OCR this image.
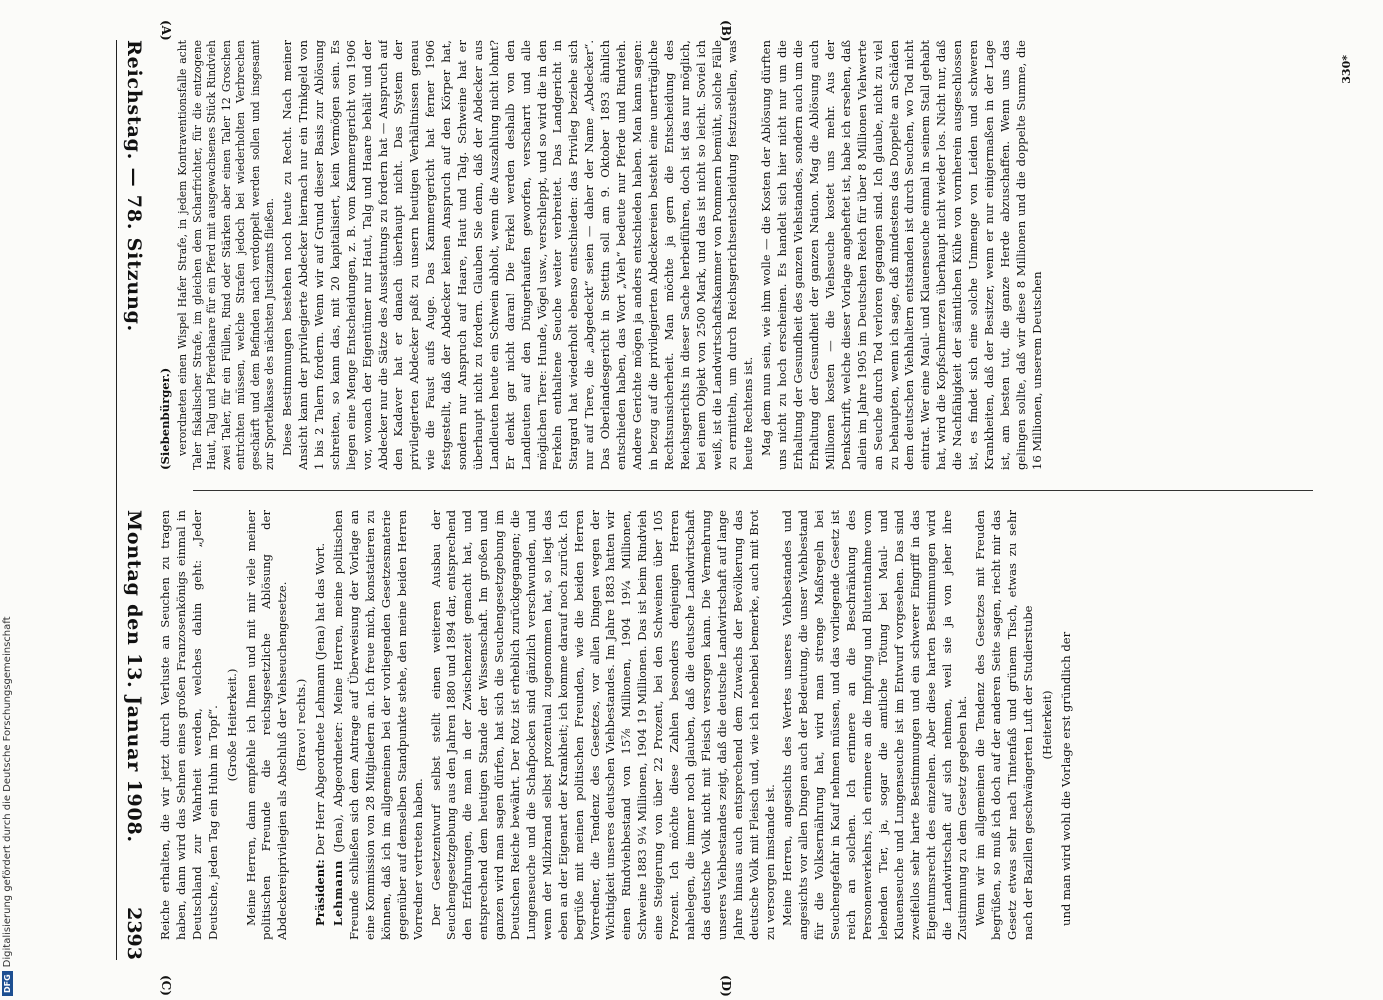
Reichstag. — 78. Sitzung.
Montag den 13. Januar 1908.
2393
(A)	(B)
(C)	(D)

(Siebenbürger.) verordneten einen Wispel Hafer Strafe, in jedem Kontraventionsfalle acht Taler fiskalischer Strafe, im gleichen dem Scharfrichter, für die entzogene Haut, Talg und Pferdehaare für ein Pferd mit ausgewachsenes Stück Rindvieh zwei Taler, für ein Füllen, Rind oder Stärken aber einen Taler 12 Groschen entrichten müssen, welche Strafen jedoch bei wiederholten Verbrechen geschärft und dem Befinden nach verdoppelt werden sollen und insgesamt zur Sportelkasse des nächsten Justizamts fließen. Diese Bestimmungen bestehen noch heute zu Recht. Nach meiner Ansicht kann der privilegierte Abdecker hiernach nur ein Trinkgeld von 1 bis 2 Talern fordern. Wenn wir auf Grund dieser Basis zur Ablösung schreiten, so kann das, mit 20 kapitalisiert, kein Vermögen sein. Es liegen eine Menge Entscheidungen, z. B. vom Kammergericht von 1906 vor, wonach der Eigentümer nur Haut, Talg und Haare behält und der Abdecker nur die Sätze des Ausstattungs zu fordern hat — Anspruch auf den Kadaver hat er danach überhaupt nicht. Das System der privilegierten Abdecker paßt zu unsern heutigen Verhältnissen genau wie die Faust aufs Auge. Das Kammergericht hat ferner 1906 festgestellt, daß der Abdecker keinen Anspruch auf den Körper hat, sondern nur Anspruch auf Haare, Haut und Talg. Schweine hat er überhaupt nicht zu fordern. Glauben Sie denn, daß der Abdecker aus Landleuten heute ein Schwein abholt, wenn die Auszahlung nicht lohnt? Er denkt gar nicht daran! Die Ferkel werden deshalb von den Landleuten auf den Düngerhaufen geworfen, verscharrt und alle möglichen Tiere: Hunde, Vögel usw., verschleppt, und so wird die in den Ferkeln enthaltene Seuche weiter verbreitet. Das Landgericht in Stargard hat wiederholt ebenso entschieden: das Privileg beziehe sich nur auf Tiere, die „abgedeckt“ seien — daher der Name „Abdecker“. Das Oberlandesgericht in Stettin soll am 9. Oktober 1893 ähnlich entschieden haben, das Wort „Vieh“ bedeute nur Pferde und Rindvieh. Andere Gerichte mögen ja anders entschieden haben. Man kann sagen: in bezug auf die privilegierten Abdeckereien besteht eine unerträgliche Rechtsunsicherheit. Man möchte ja gern die Entscheidung des Reichsgerichts in dieser Sache herbeiführen, doch ist das nur möglich, bei einem Objekt von 2500 Mark, und das ist nicht so leicht. Soviel ich weiß, ist die Landwirtschaftskammer von Pommern bemüht, solche Fälle zu ermitteln, um durch Reichsgerichtsentscheidung festzustellen, was heute Rechtens ist. Mag dem nun sein, wie ihm wolle — die Kosten der Ablösung dürften uns nicht zu hoch erscheinen. Es handelt sich hier nicht nur um die Erhaltung der Gesundheit des ganzen Viehstandes, sondern auch um die Erhaltung der Gesundheit der ganzen Nation. Mag die Ablösung auch Millionen kosten — die Viehseuche kostet uns mehr. Aus der Denkschrift, welche dieser Vorlage angeheftet ist, habe ich ersehen, daß allein im Jahre 1905 im Deutschen Reich für über 8 Millionen Viehwerte an Seuche durch Tod verloren gegangen sind. Ich glaube, nicht zu viel zu behaupten, wenn ich sage, daß mindestens das Doppelte an Schäden dem deutschen Viehhaltern entstanden ist durch Seuchen, wo Tod nicht eintrat. Wer eine Maul- und Klauenseuche einmal in seinem Stall gehabt hat, wird die Kopfschmerzen überhaupt nicht wieder los. Nicht nur, daß die Nachfähigkeit der sämtlichen Kühe von vornherein ausgeschlossen ist, es findet sich eine solche Unmenge von Leiden und schweren Krankheiten, daß der Besitzer, wenn er nur einigermaßen in der Lage ist, am besten tut, die ganze Herde abzuschaffen. Wenn uns das gelingen sollte, daß wir diese 8 Millionen und die doppelte Summe, die 16 Millionen, unserem Deutschen

Reiche erhalten, die wir jetzt durch Verluste an Seuchen zu tragen haben, dann wird das Sehnen eines großen Franzosenkönigs einmal in Deutschland zur Wahrheit werden, welches dahin geht: „Jeder Deutsche, jeden Tag ein Huhn im Topf“. (Große Heiterkeit.) Meine Herren, dann empfehle ich Ihnen und mit mir viele meiner politischen Freunde die reichsgesetzliche Ablösung der Abdeckereiprivilegien als Abschluß der Viehseuchengesetze. (Bravo! rechts.)

Präsident: Der Herr Abgeordnete Lehmann (Jena) hat das Wort.

Lehmann (Jena), Abgeordneter: Meine Herren, meine politischen Freunde schließen sich dem Antrage auf Überweisung der Vorlage an eine Kommission von 28 Mitgliedern an. Ich freue mich, konstatieren zu können, daß ich im allgemeinen bei der vorliegenden Gesetzesmaterie gegenüber auf demselben Standpunkte stehe, den meine beiden Herren Vorredner vertreten haben. Der Gesetzentwurf selbst stellt einen weiteren Ausbau der Seuchengesetzgebung aus den Jahren 1880 und 1894 dar, entsprechend den Erfahrungen, die man in der Zwischenzeit gemacht hat, und entsprechend dem heutigen Stande der Wissenschaft. Im großen und ganzen wird man sagen dürfen, hat sich die Seuchengesetzgebung im Deutschen Reiche bewährt. Der Rotz ist erheblich zurückgegangen; die Lungenseuche und die Schafpocken sind gänzlich verschwunden, und wenn der Milzbrand selbst prozentual zugenommen hat, so liegt das eben an der Eigenart der Krankheit; ich komme darauf noch zurück. Ich begrüße mit meinen politischen Freunden, wie die beiden Herren Vorredner, die Tendenz des Gesetzes, vor allen Dingen wegen der Wichtigkeit unseres deutschen Viehbestandes. Im Jahre 1883 hatten wir einen Rindviehbestand von 15⅞ Millionen, 1904 19¼ Millionen, Schweine 1883 9¼ Millionen, 1904 19 Millionen. Das ist beim Rindvieh eine Steigerung von über 22 Prozent, bei den Schweinen über 105 Prozent. Ich möchte diese Zahlen besonders denjenigen Herren nahelegen, die immer noch glauben, daß die deutsche Landwirtschaft das deutsche Volk nicht mit Fleisch versorgen kann. Die Vermehrung unseres Viehbestandes zeigt, daß die deutsche Landwirtschaft auf lange Jahre hinaus auch entsprechend dem Zuwachs der Bevölkerung das deutsche Volk mit Fleisch und, wie ich nebenbei bemerke, auch mit Brot zu versorgen imstande ist. Meine Herren, angesichts des Wertes unseres Viehbestandes und angesichts vor allen Dingen auch der Bedeutung, die unser Viehbestand für die Volksernährung hat, wird man strenge Maßregeln bei Seuchengefahr in Kauf nehmen müssen, und das vorliegende Gesetz ist reich an solchen. Ich erinnere an die Beschränkung des Personenverkehrs, ich erinnere an die Impfung und Blutentnahme vom lebenden Tier, ja, sogar die amtliche Tötung bei Maul- und Klauenseuche und Lungenseuche ist im Entwurf vorgesehen. Das sind zweifellos sehr harte Bestimmungen und ein schwerer Eingriff in das Eigentumsrecht des einzelnen. Aber diese harten Bestimmungen wird die Landwirtschaft auf sich nehmen, weil sie ja von jeher ihre Zustimmung zu dem Gesetz gegeben hat. Wenn wir im allgemeinen die Tendenz des Gesetzes mit Freuden begrüßen, so muß ich doch auf der anderen Seite sagen, riecht mir das Gesetz etwas sehr nach Tintenfaß und grünem Tisch, etwas zu sehr nach der Bazillen geschwängerten Luft der Studierstube (Heiterkeit) und man wird wohl die Vorlage erst gründlich der

330*
DFGDigitalisierung gefördert durch die Deutsche Forschungsgemeinschaft
